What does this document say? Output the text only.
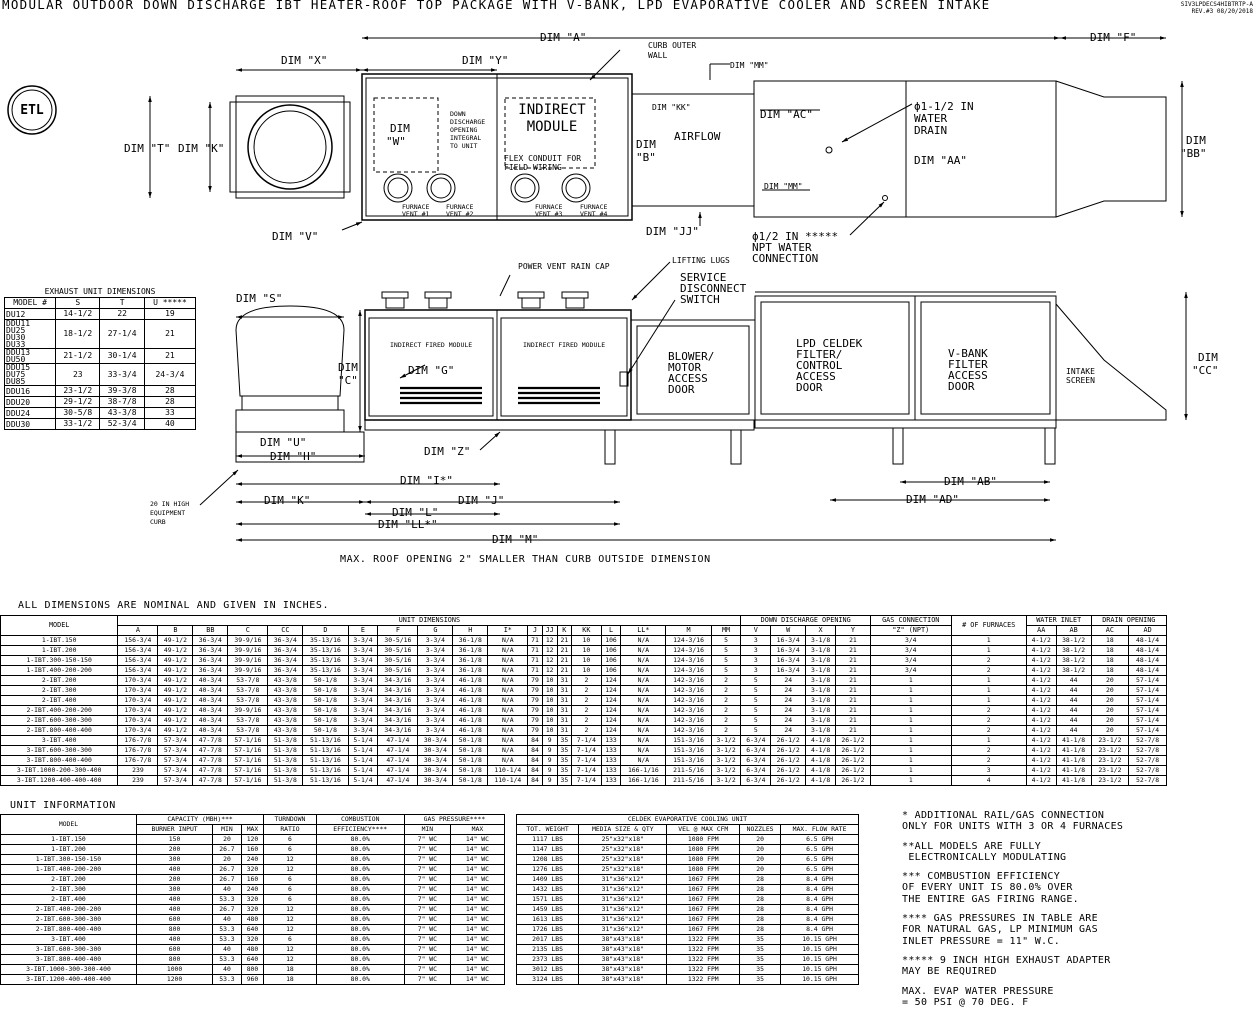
MODULAR OUTDOOR DOWN DISCHARGE IBT HEATER-ROOF TOP PACKAGE WITH V-BANK, LPD EVAPORATIVE COOLER AND SCREEN INTAKE	SIV3LPDECS4HIBTRTP-A
REV.#3 08/20/2018
ETL
DIM "A"	DIM "F"
DIM "X"	DIM "Y"
CURB OUTER
WALL
DIM "MM"
DIM "KK"
DIM "AC"
ϕ1-1/2 IN
WATER
DRAIN
DIM
"BB"
DIM "T" DIM "K"
DIM
"W"
DOWN
DISCHARGE
OPENING
INTEGRAL
TO UNIT
INDIRECT
MODULE
DIM
"B"
AIRFLOW
DIM "AA"
FLEX CONDUIT FOR
FIELD WIRING
DIM "MM"
FURNACE
VENT #1
FURNACE
VENT #2
FURNACE
VENT #3
FURNACE
VENT #4
DIM "V"	DIM "JJ"	ϕ1/2 IN *****
NPT WATER
CONNECTION
POWER VENT RAIN CAP
LIFTING LUGS
SERVICE
DISCONNECT
SWITCH
DIM "S"
INDIRECT FIRED MODULE	INDIRECT FIRED MODULE
BLOWER/
MOTOR
ACCESS
DOOR
LPD CELDEK
FILTER/
CONTROL
ACCESS
DOOR
V-BANK
FILTER
ACCESS
DOOR
INTAKE
SCREEN
DIM
"CC"
DIM
"C"
DIM "G"
DIM "U"
DIM "H"	DIM "Z"
DIM "I*"
DIM "J"
DIM "K"
DIM "L"
DIM "LL*"
DIM "M"
DIM "AB"
DIM "AD"
20 IN HIGH
EQUIPMENT
CURB
MAX. ROOF OPENING 2" SMALLER THAN CURB OUTSIDE DIMENSION
EXHAUST UNIT DIMENSIONS			
MODEL #	S	T	U *****

DU12	14-1/2	22	19

DDU11
DU25
DU30
DU33	18-1/2	27-1/4	21

DDU13
DU50	21-1/2	30-1/4	21

DDU15
DU75
DU85	23	33-3/4	24-3/4

DDU16	23-1/2	39-3/8	28

DDU20	29-1/2	38-7/8	28

DDU24	30-5/8	43-3/8	33

DDU30	33-1/2	52-3/4	40
ALL DIMENSIONS ARE NOMINAL AND GIVEN IN INCHES.
MODEL	UNIT DIMENSIONS																			DOWN DISCHARGE OPENING				GAS CONNECTION	# OF FURNACES	WATER INLET		DRAIN OPENING	
	A	B	BB	C	CC	D	E	F	G	H	I*	J	JJ	K	KK	L	LL*	M	MM	V	W	X	Y	"Z" (NPT)		AA	AB	AC	AD
1-IBT.150	156-3/4	49-1/2	36-3/4	39-9/16	36-3/4	35-13/16	3-3/4	30-5/16	3-3/4	36-1/8	N/A	71	12	21	10	106	N/A	124-3/16	5	3	16-3/4	3-1/8	21	3/4	1	4-1/2	38-1/2	18	48-1/4
1-IBT.200	156-3/4	49-1/2	36-3/4	39-9/16	36-3/4	35-13/16	3-3/4	30-5/16	3-3/4	36-1/8	N/A	71	12	21	10	106	N/A	124-3/16	5	3	16-3/4	3-1/8	21	3/4	1	4-1/2	38-1/2	18	48-1/4
1-IBT.300-150-150	156-3/4	49-1/2	36-3/4	39-9/16	36-3/4	35-13/16	3-3/4	30-5/16	3-3/4	36-1/8	N/A	71	12	21	10	106	N/A	124-3/16	5	3	16-3/4	3-1/8	21	3/4	2	4-1/2	38-1/2	18	48-1/4
1-IBT.400-200-200	156-3/4	49-1/2	36-3/4	39-9/16	36-3/4	35-13/16	3-3/4	30-5/16	3-3/4	36-1/8	N/A	71	12	21	10	106	N/A	124-3/16	5	3	16-3/4	3-1/8	21	3/4	2	4-1/2	38-1/2	18	48-1/4
2-IBT.200	170-3/4	49-1/2	40-3/4	53-7/8	43-3/8	50-1/8	3-3/4	34-3/16	3-3/4	46-1/8	N/A	79	10	31	2	124	N/A	142-3/16	2	5	24	3-1/8	21	1	1	4-1/2	44	20	57-1/4
2-IBT.300	170-3/4	49-1/2	40-3/4	53-7/8	43-3/8	50-1/8	3-3/4	34-3/16	3-3/4	46-1/8	N/A	79	10	31	2	124	N/A	142-3/16	2	5	24	3-1/8	21	1	1	4-1/2	44	20	57-1/4
2-IBT.400	170-3/4	49-1/2	40-3/4	53-7/8	43-3/8	50-1/8	3-3/4	34-3/16	3-3/4	46-1/8	N/A	79	10	31	2	124	N/A	142-3/16	2	5	24	3-1/8	21	1	1	4-1/2	44	20	57-1/4
2-IBT.400-200-200	170-3/4	49-1/2	40-3/4	39-9/16	43-3/8	50-1/8	3-3/4	34-3/16	3-3/4	46-1/8	N/A	79	10	31	2	124	N/A	142-3/16	2	5	24	3-1/8	21	1	2	4-1/2	44	20	57-1/4
2-IBT.600-300-300	170-3/4	49-1/2	40-3/4	53-7/8	43-3/8	50-1/8	3-3/4	34-3/16	3-3/4	46-1/8	N/A	79	10	31	2	124	N/A	142-3/16	2	5	24	3-1/8	21	1	2	4-1/2	44	20	57-1/4
2-IBT.800-400-400	170-3/4	49-1/2	40-3/4	53-7/8	43-3/8	50-1/8	3-3/4	34-3/16	3-3/4	46-1/8	N/A	79	10	31	2	124	N/A	142-3/16	2	5	24	3-1/8	21	1	2	4-1/2	44	20	57-1/4
3-IBT.400	176-7/8	57-3/4	47-7/8	57-1/16	51-3/8	51-13/16	5-1/4	47-1/4	30-3/4	50-1/8	N/A	84	9	35	7-1/4	133	N/A	151-3/16	3-1/2	6-3/4	26-1/2	4-1/8	26-1/2	1	1	4-1/2	41-1/8	23-1/2	52-7/8
3-IBT.600-300-300	176-7/8	57-3/4	47-7/8	57-1/16	51-3/8	51-13/16	5-1/4	47-1/4	30-3/4	50-1/8	N/A	84	9	35	7-1/4	133	N/A	151-3/16	3-1/2	6-3/4	26-1/2	4-1/8	26-1/2	1	2	4-1/2	41-1/8	23-1/2	52-7/8
3-IBT.800-400-400	176-7/8	57-3/4	47-7/8	57-1/16	51-3/8	51-13/16	5-1/4	47-1/4	30-3/4	50-1/8	N/A	84	9	35	7-1/4	133	N/A	151-3/16	3-1/2	6-3/4	26-1/2	4-1/8	26-1/2	1	2	4-1/2	41-1/8	23-1/2	52-7/8
3-IBT.1000-200-300-400	239	57-3/4	47-7/8	57-1/16	51-3/8	51-13/16	5-1/4	47-1/4	30-3/4	50-1/8	110-1/4	84	9	35	7-1/4	133	166-1/16	211-5/16	3-1/2	6-3/4	26-1/2	4-1/8	26-1/2	1	3	4-1/2	41-1/8	23-1/2	52-7/8
3-IBT.1200-400-400-400	239	57-3/4	47-7/8	57-1/16	51-3/8	51-13/16	5-1/4	47-1/4	30-3/4	50-1/8	110-1/4	84	9	35	7-1/4	133	166-1/16	211-5/16	3-1/2	6-3/4	26-1/2	4-1/8	26-1/2	1	4	4-1/2	41-1/8	23-1/2	52-7/8
UNIT INFORMATION
MODEL	CAPACITY (MBH)***			TURNDOWN	COMBUSTION	GAS PRESSURE****	
	BURNER INPUT	MIN	MAX	RATIO	EFFICIENCY****	MIN	MAX
1-IBT.150	150	20	120	6	80.0%	7" WC	14" WC
1-IBT.200	200	26.7	160	6	80.0%	7" WC	14" WC
1-IBT.300-150-150	300	20	240	12	80.0%	7" WC	14" WC
1-IBT.400-200-200	400	26.7	320	12	80.0%	7" WC	14" WC
2-IBT.200	200	26.7	160	6	80.0%	7" WC	14" WC
2-IBT.300	300	40	240	6	80.0%	7" WC	14" WC
2-IBT.400	400	53.3	320	6	80.0%	7" WC	14" WC
2-IBT.400-200-200	400	26.7	320	12	80.0%	7" WC	14" WC
2-IBT.600-300-300	600	40	480	12	80.0%	7" WC	14" WC
2-IBT.800-400-400	800	53.3	640	12	80.0%	7" WC	14" WC
3-IBT.400	400	53.3	320	6	80.0%	7" WC	14" WC
3-IBT.600-300-300	600	40	480	12	80.0%	7" WC	14" WC
3-IBT.800-400-400	800	53.3	640	12	80.0%	7" WC	14" WC
3-IBT.1000-300-300-400	1000	40	800	18	80.0%	7" WC	14" WC
3-IBT.1200-400-400-400	1200	53.3	960	18	80.0%	7" WC	14" WC
CELDEK EVAPORATIVE COOLING UNIT				
TOT. WEIGHT	MEDIA SIZE & QTY	VEL @ MAX CFM	NOZZLES	MAX. FLOW RATE
1117 LBS	25"x32"x18"	1080 FPM	20	6.5 GPH
1147 LBS	25"x32"x18"	1080 FPM	20	6.5 GPH
1208 LBS	25"x32"x18"	1080 FPM	20	6.5 GPH
1276 LBS	25"x32"x18"	1080 FPM	20	6.5 GPH
1409 LBS	31"x36"x12"	1067 FPM	28	8.4 GPH
1432 LBS	31"x36"x12"	1067 FPM	28	8.4 GPH
1571 LBS	31"x36"x12"	1067 FPM	28	8.4 GPH
1459 LBS	31"x36"x12"	1067 FPM	28	8.4 GPH
1613 LBS	31"x36"x12"	1067 FPM	28	8.4 GPH
1726 LBS	31"x36"x12"	1067 FPM	28	8.4 GPH
2017 LBS	38"x43"x18"	1322 FPM	35	10.15 GPH
2135 LBS	38"x43"x18"	1322 FPM	35	10.15 GPH
2373 LBS	38"x43"x18"	1322 FPM	35	10.15 GPH
3012 LBS	38"x43"x18"	1322 FPM	35	10.15 GPH
3124 LBS	38"x43"x18"	1322 FPM	35	10.15 GPH
* ADDITIONAL RAIL/GAS CONNECTION
ONLY FOR UNITS WITH 3 OR 4 FURNACES
**ALL MODELS ARE FULLY
ELECTRONICALLY MODULATING
*** COMBUSTION EFFICIENCY
OF EVERY UNIT IS 80.0% OVER
THE ENTIRE GAS FIRING RANGE.
**** GAS PRESSURES IN TABLE ARE
FOR NATURAL GAS, LP MINIMUM GAS
INLET PRESSURE = 11" W.C.
***** 9 INCH HIGH EXHAUST ADAPTER
MAY BE REQUIRED
MAX. EVAP WATER PRESSURE
= 50 PSI @ 70 DEG. F
